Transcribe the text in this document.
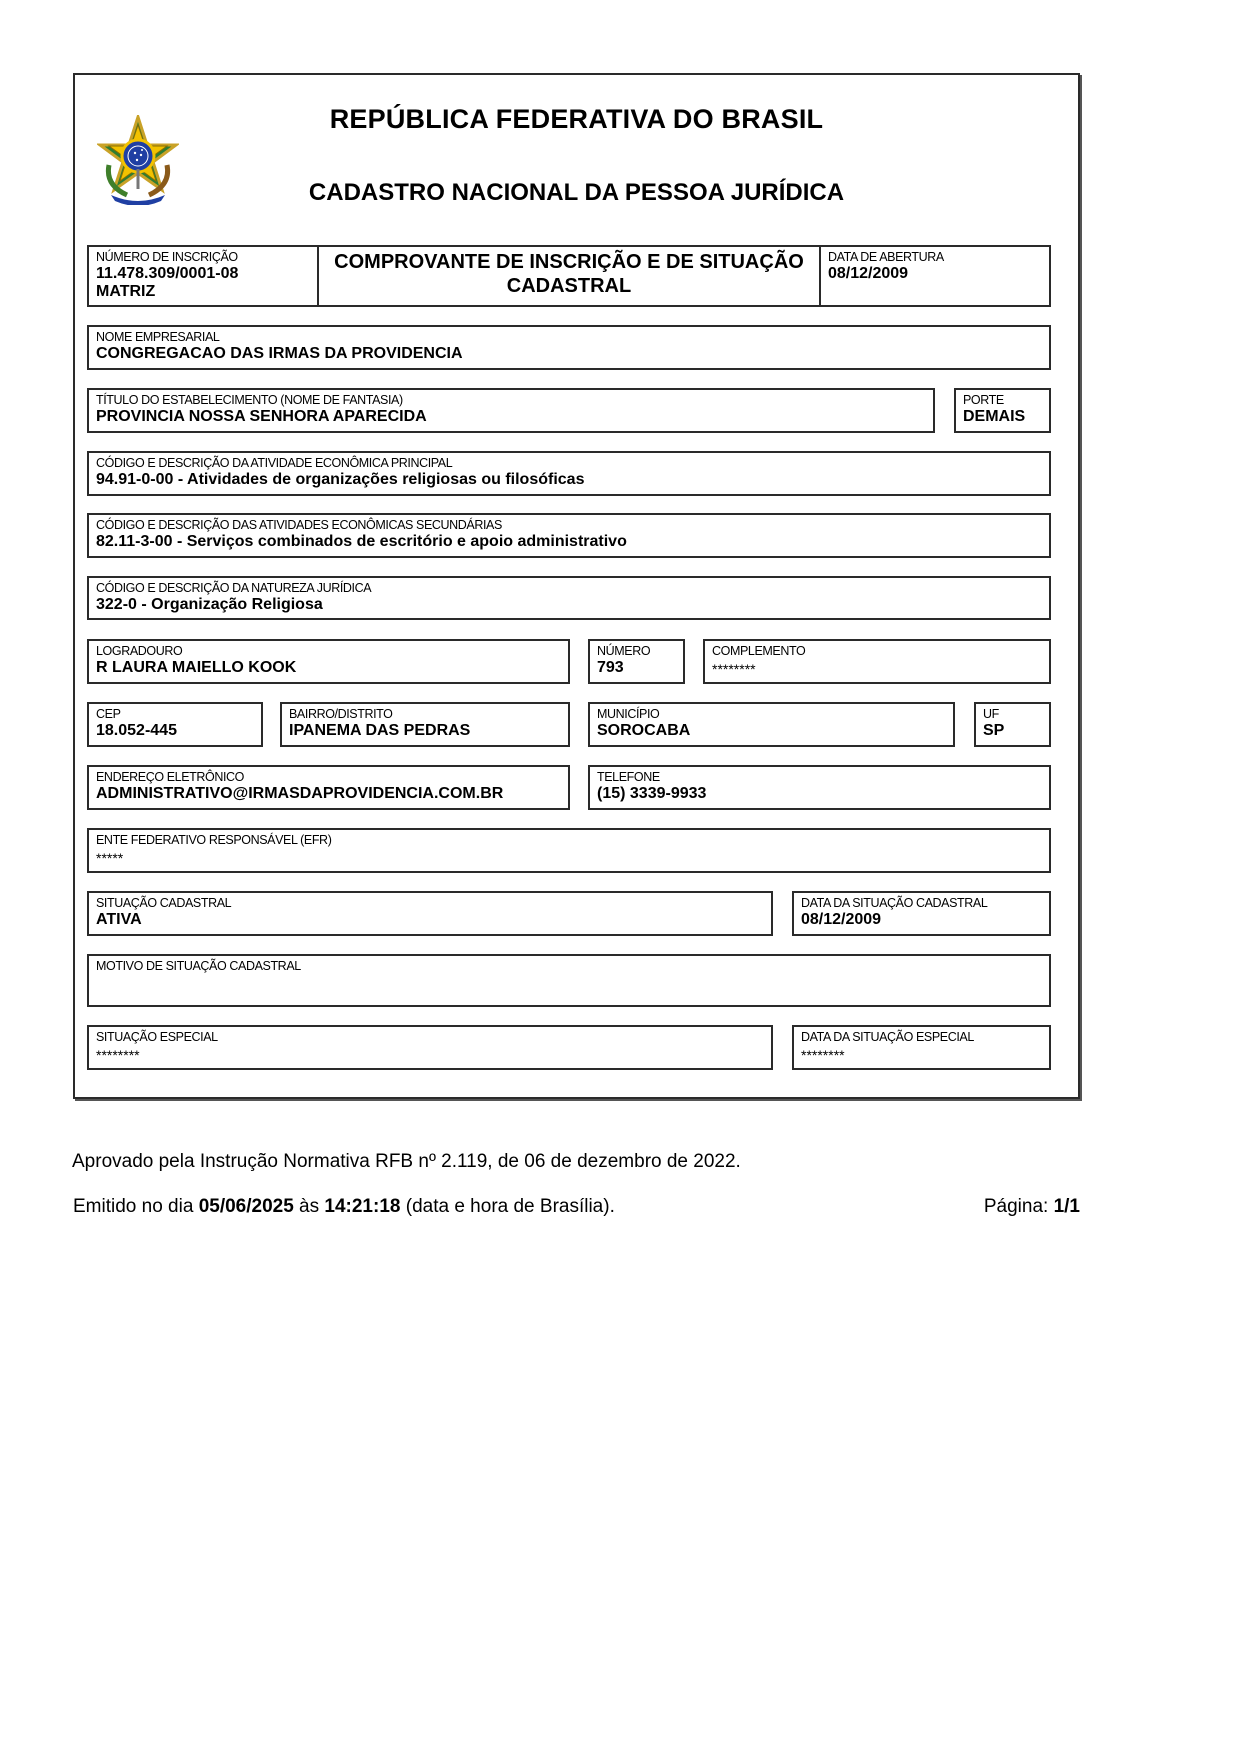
REPÚBLICA FEDERATIVA DO BRASIL
CADASTRO NACIONAL DA PESSOA JURÍDICA
NÚMERO DE INSCRIÇÃO
11.478.309/0001-08
MATRIZ
COMPROVANTE DE INSCRIÇÃO E DE SITUAÇÃO
CADASTRAL
DATA DE ABERTURA
08/12/2009
NOME EMPRESARIAL
CONGREGACAO DAS IRMAS DA PROVIDENCIA
TÍTULO DO ESTABELECIMENTO (NOME DE FANTASIA)
PROVINCIA NOSSA SENHORA APARECIDA
PORTE
DEMAIS
CÓDIGO E DESCRIÇÃO DA ATIVIDADE ECONÔMICA PRINCIPAL
94.91-0-00 - Atividades de organizações religiosas ou filosóficas
CÓDIGO E DESCRIÇÃO DAS ATIVIDADES ECONÔMICAS SECUNDÁRIAS
82.11-3-00 - Serviços combinados de escritório e apoio administrativo
CÓDIGO E DESCRIÇÃO DA NATUREZA JURÍDICA
322-0 - Organização Religiosa
LOGRADOURO
R LAURA MAIELLO KOOK
NÚMERO
793
COMPLEMENTO
********
CEP
18.052-445
BAIRRO/DISTRITO
IPANEMA DAS PEDRAS
MUNICÍPIO
SOROCABA
UF
SP
ENDEREÇO ELETRÔNICO
ADMINISTRATIVO@IRMASDAPROVIDENCIA.COM.BR
TELEFONE
(15) 3339-9933
ENTE FEDERATIVO RESPONSÁVEL (EFR)
*****
SITUAÇÃO CADASTRAL
ATIVA
DATA DA SITUAÇÃO CADASTRAL
08/12/2009
MOTIVO DE SITUAÇÃO CADASTRAL
SITUAÇÃO ESPECIAL
********
DATA DA SITUAÇÃO ESPECIAL
********
Aprovado pela Instrução Normativa RFB nº 2.119, de 06 de dezembro de 2022.
Emitido no dia 05/06/2025 às 14:21:18 (data e hora de Brasília).	Página: 1/1
